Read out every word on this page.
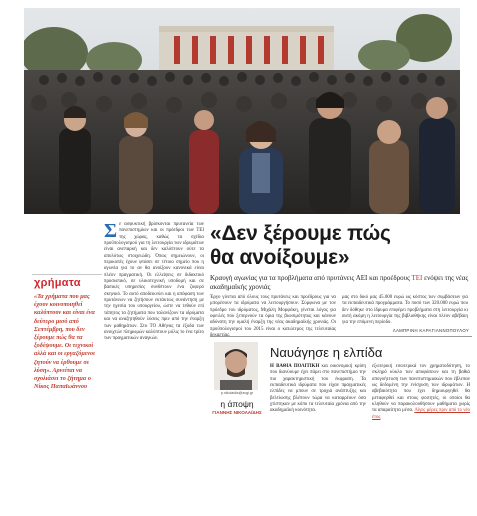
χρήματα
«Τα χρήματα που μας έχουν κοινοποιηθεί καλύπτουν και είναι ένα δεύτερο μισό από Σεπτέμβρη, που δεν ξέρουμε πώς θα τα ξοδέψουμε. Οι τεχνικοί αλλά και οι εργαζόμενοι ζητούν να έρθουμε σε λύση». Αρνείται να σχολιάσει το ζήτημα ο Νίκος Παπαϊωάννου
Σε ασφυκτική βρίσκονται πρυτανεία των πανεπιστημίων και οι πρόεδροι των ΤΕΙ της χώρας, καθώς τα σχέδια προϋπολογισμού για τη λειτουργία των ιδρυμάτων είναι ανεπαρκή και δεν καλύπτουν ούτε τα απολύτως στοιχειώδη. Όπως σημειώνουν, οι περικοπές έχουν φτάσει σε τέτοιο σημείο που η αγωνία για το αν θα ανοίξουν κανονικά είναι πλέον πραγματική. Οι ελλείψεις σε διδακτικό προσωπικό, σε υλικοτεχνική υποδομή και σε βασικές υπηρεσίες συνθέτουν ένα ζοφερό σκηνικό. Το αυτό αποδεικνύει και η απόφαση των πρυτάνεων να ζητήσουν εκτάκτως συνάντηση με την ηγεσία του υπουργείου, ώστε να τεθούν επί τάπητος τα ζητήματα που ταλανίζουν τα ιδρύματα και να αναζητηθούν λύσεις πριν από την έναρξη των μαθημάτων. Στο ΤΟ Αθήνας τα έξοδα των ανοιχτών πληρωμών καλύπτουν μόλις το ένα τρίτο των πραγματικών αναγκών.
«Δεν ξέρουμε πώς
θα ανοίξουμε»
Κραυγή αγωνίας για τα προβλήματα από πρυτάνεις ΑΕΙ και προέδρους ΤΕΙ ενόψει της νέας ακαδημαϊκής χρονιάς
Έργο γίνεται από όλους τους πρυτάνεις και προέδρους για να μπορέσουν τα ιδρύματα να λειτουργήσουν. Σύμφωνα με τον πρόεδρο του ιδρύματος, Μιχάλη Μορφάκη, γίνεται λόγος για οφειλές που ξεπερνούν τα όρια της βιωσιμότητας και κάνουν αδύνατη την ομαλή έναρξη της νέας ακαδημαϊκής χρονιάς. Οι προϋπολογισμοί του 2015 είναι ο κατώτερος της τελευταίας
μας στο δικό μας 45.000 ευρώ ως κόστος των συμβάσεων για τα εκπαιδευτικά προγράμματα. Το ποσό των 320.000 ευρώ που δεν δόθηκε στο ίδρυμα επιφέρει προβλήματα στη λειτουργία κι αυτή ακόμη η λειτουργία της βιβλιοθήκης είναι πλέον αβέβαιη για την επόμενη περίοδο.
ΛΑΜΠΡΙΝΗ ΚΑΡΑΓΙΑΝΝΟΠΟΥΛΟΥ
p.nikolaidis@avgi.gr
η άποψη
ΓΙΑΝΝΗΣ ΝΙΚΟΛΑΪΔΗΣ
Ναυάγησε η ελπίδα
Η ΒΑΘΙΑ ΠΟΛΙΤΙΚΗ και οικονομική κρίση που διανύουμε έχει πάρει στο πανεπιστήμιο την πιο χαρακτηριστική του έκφραση. Τα εκπαιδευτικά ιδρύματα που είχαν πραγματικές ελπίδες να μπουν σε τροχιά ανάπτυξης και βελτίωσης βλέπουν τώρα να καταρρέουν όσα χτίστηκαν με κόπο τα τελευταία χρόνια από την ακαδημαϊκή κοινότητα.
εξωτερική εσωτερικά τον χρηματοδότηση, το σκληρό κύκλο των αποφάσεων και τη βαθιά απογοήτευση των πανεπιστημιακών που έβλεπαν ως δεδομένη την ενίσχυση των ιδρυμάτων. Η αβεβαιότητα που έχει δημιουργηθεί θα μεταφερθεί και στους φοιτητές, οι οποίοι θα κληθούν να παρακολουθήσουν μαθήματα χωρίς τα απαραίτητα μέσα. Λίγες μέρες πριν από το νέο έτος
